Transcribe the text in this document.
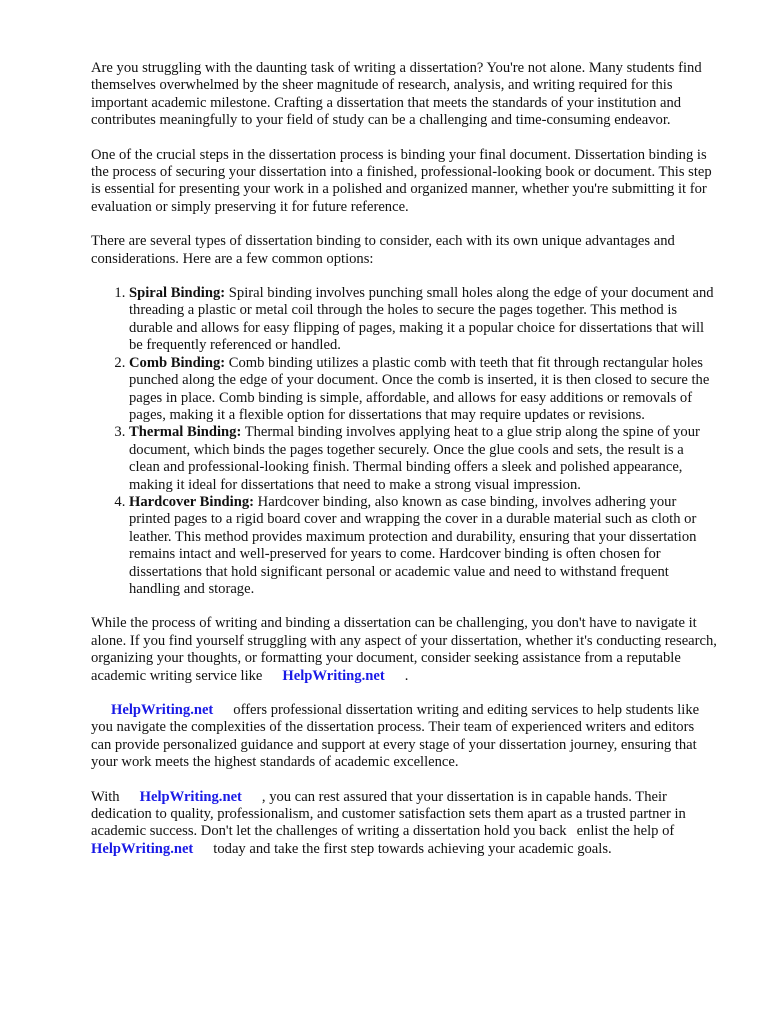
Are you struggling with the daunting task of writing a dissertation? You're not alone. Many students find themselves overwhelmed by the sheer magnitude of research, analysis, and writing required for this important academic milestone. Crafting a dissertation that meets the standards of your institution and contributes meaningfully to your field of study can be a challenging and time-consuming endeavor.

One of the crucial steps in the dissertation process is binding your final document. Dissertation binding is the process of securing your dissertation into a finished, professional-looking book or document. This step is essential for presenting your work in a polished and organized manner, whether you're submitting it for evaluation or simply preserving it for future reference.

There are several types of dissertation binding to consider, each with its own unique advantages and considerations. Here are a few common options:

1. Spiral Binding: Spiral binding involves punching small holes along the edge of your document and threading a plastic or metal coil through the holes to secure the pages together. This method is durable and allows for easy flipping of pages, making it a popular choice for dissertations that will be frequently referenced or handled.
2. Comb Binding: Comb binding utilizes a plastic comb with teeth that fit through rectangular holes punched along the edge of your document. Once the comb is inserted, it is then closed to secure the pages in place. Comb binding is simple, affordable, and allows for easy additions or removals of pages, making it a flexible option for dissertations that may require updates or revisions.
3. Thermal Binding: Thermal binding involves applying heat to a glue strip along the spine of your document, which binds the pages together securely. Once the glue cools and sets, the result is a clean and professional-looking finish. Thermal binding offers a sleek and polished appearance, making it ideal for dissertations that need to make a strong visual impression.
4. Hardcover Binding: Hardcover binding, also known as case binding, involves adhering your printed pages to a rigid board cover and wrapping the cover in a durable material such as cloth or leather. This method provides maximum protection and durability, ensuring that your dissertation remains intact and well-preserved for years to come. Hardcover binding is often chosen for dissertations that hold significant personal or academic value and need to withstand frequent handling and storage.

While the process of writing and binding a dissertation can be challenging, you don't have to navigate it alone. If you find yourself struggling with any aspect of your dissertation, whether it's conducting research, organizing your thoughts, or formatting your document, consider seeking assistance from a reputable academic writing service like HelpWriting.net .

HelpWriting.net offers professional dissertation writing and editing services to help students like you navigate the complexities of the dissertation process. Their team of experienced writers and editors can provide personalized guidance and support at every stage of your dissertation journey, ensuring that your work meets the highest standards of academic excellence.

With HelpWriting.net , you can rest assured that your dissertation is in capable hands. Their dedication to quality, professionalism, and customer satisfaction sets them apart as a trusted partner in academic success. Don't let the challenges of writing a dissertation hold you back enlist the help ofHelpWriting.net today and take the first step towards achieving your academic goals.
